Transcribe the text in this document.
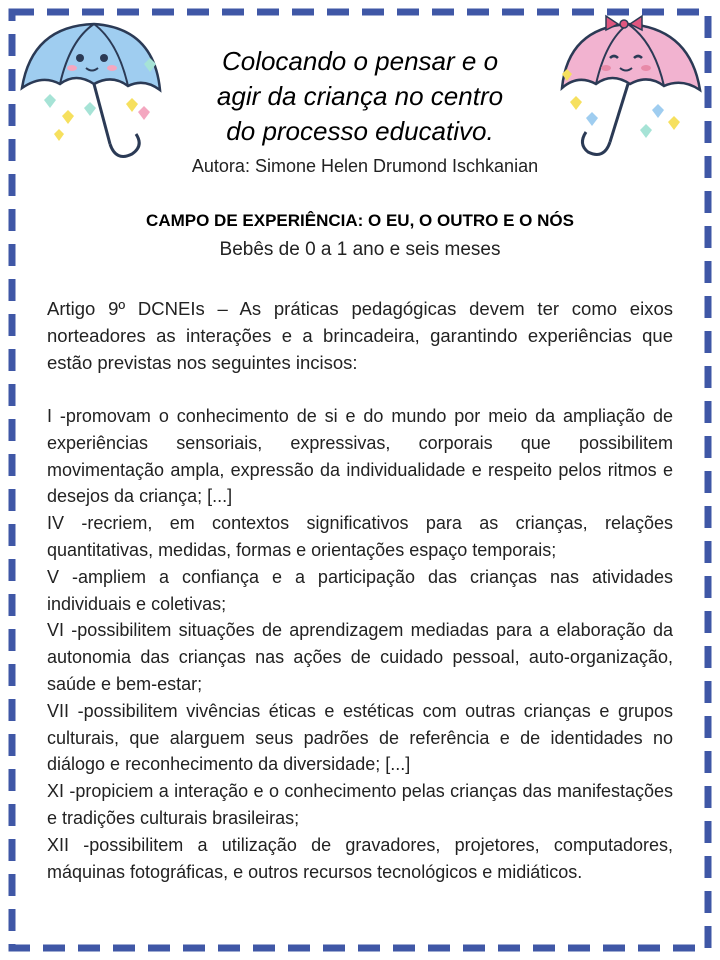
Colocando o pensar e o
agir da criança no centro
do processo educativo.
Autora: Simone Helen Drumond Ischkanian
CAMPO DE EXPERIÊNCIA: O EU, O OUTRO E O NÓS
Bebês de 0 a 1 ano e seis meses
Artigo 9º DCNEIs – As práticas pedagógicas devem ter como eixos norteadores as interações e a brincadeira, garantindo experiências que estão previstas nos seguintes incisos:

I -promovam o conhecimento de si e do mundo por meio da ampliação de experiências sensoriais, expressivas, corporais que possibilitem movimentação ampla, expressão da individualidade e respeito pelos ritmos e desejos da criança; [...]

IV -recriem, em contextos significativos para as crianças, relações quantitativas, medidas, formas e orientações espaço temporais;

V -ampliem a confiança e a participação das crianças nas atividades individuais e coletivas;

VI -possibilitem situações de aprendizagem mediadas para a elaboração da autonomia das crianças nas ações de cuidado pessoal, auto-organização, saúde e bem-estar;

VII -possibilitem vivências éticas e estéticas com outras crianças e grupos culturais, que alarguem seus padrões de referência e de identidades no diálogo e reconhecimento da diversidade; [...]

XI -propiciem a interação e o conhecimento pelas crianças das manifestações e tradições culturais brasileiras;

XII -possibilitem a utilização de gravadores, projetores, computadores, máquinas fotográficas, e outros recursos tecnológicos e midiáticos.
